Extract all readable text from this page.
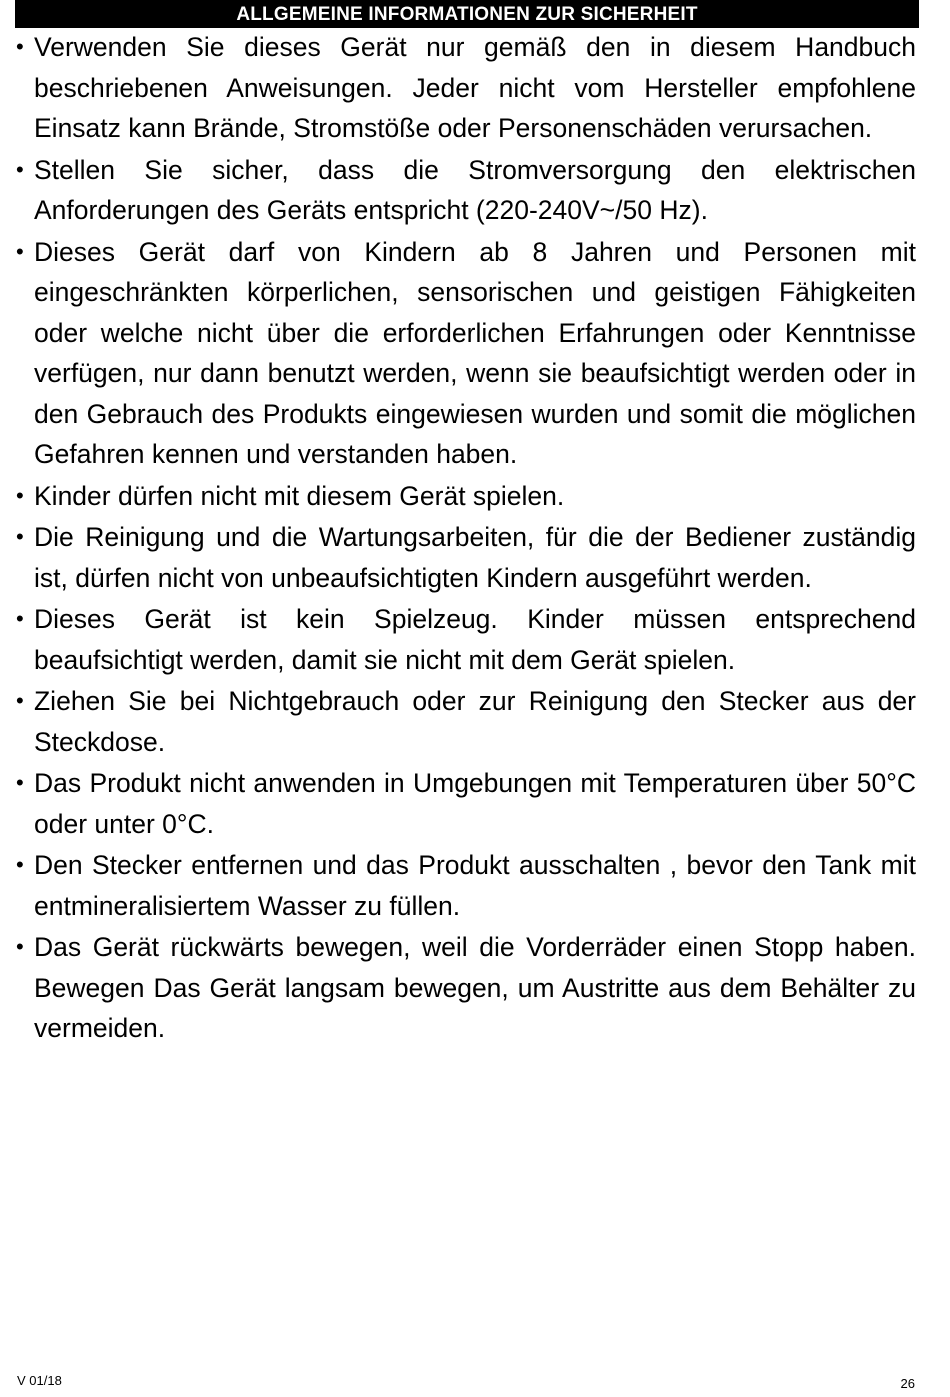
ALLGEMEINE INFORMATIONEN ZUR SICHERHEIT
• Verwenden Sie dieses Gerät nur gemäß den in diesem Handbuch beschriebenen Anweisungen. Jeder nicht vom Hersteller empfohlene Einsatz kann Brände, Stromstöße oder Personenschäden verursachen.
• Stellen Sie sicher, dass die Stromversorgung den elektrischen Anforderungen des Geräts entspricht (220-240V~/50 Hz).
• Dieses Gerät darf von Kindern ab 8 Jahren und Personen mit eingeschränkten körperlichen, sensorischen und geistigen Fähigkeiten oder welche nicht über die erforderlichen Erfahrungen oder Kenntnisse verfügen, nur dann benutzt werden, wenn sie beaufsichtigt werden oder in den Gebrauch des Produkts eingewiesen wurden und somit die möglichen Gefahren kennen und verstanden haben.
• Kinder dürfen nicht mit diesem Gerät spielen.
• Die Reinigung und die Wartungsarbeiten, für die der Bediener zuständig ist, dürfen nicht von unbeaufsichtigten Kindern ausgeführt werden.
• Dieses Gerät ist kein Spielzeug. Kinder müssen entsprechend beaufsichtigt werden, damit sie nicht mit dem Gerät spielen.
• Ziehen Sie bei Nichtgebrauch oder zur Reinigung den Stecker aus der Steckdose.
• Das Produkt nicht anwenden in Umgebungen mit Temperaturen über 50°C oder unter 0°C.
• Den Stecker entfernen und das Produkt ausschalten , bevor den Tank mit entmineralisiertem Wasser zu füllen.
• Das Gerät rückwärts bewegen, weil die Vorderräder einen Stopp haben. Bewegen Das Gerät langsam bewegen, um Austritte aus dem Behälter zu vermeiden.
V 01/18	26
